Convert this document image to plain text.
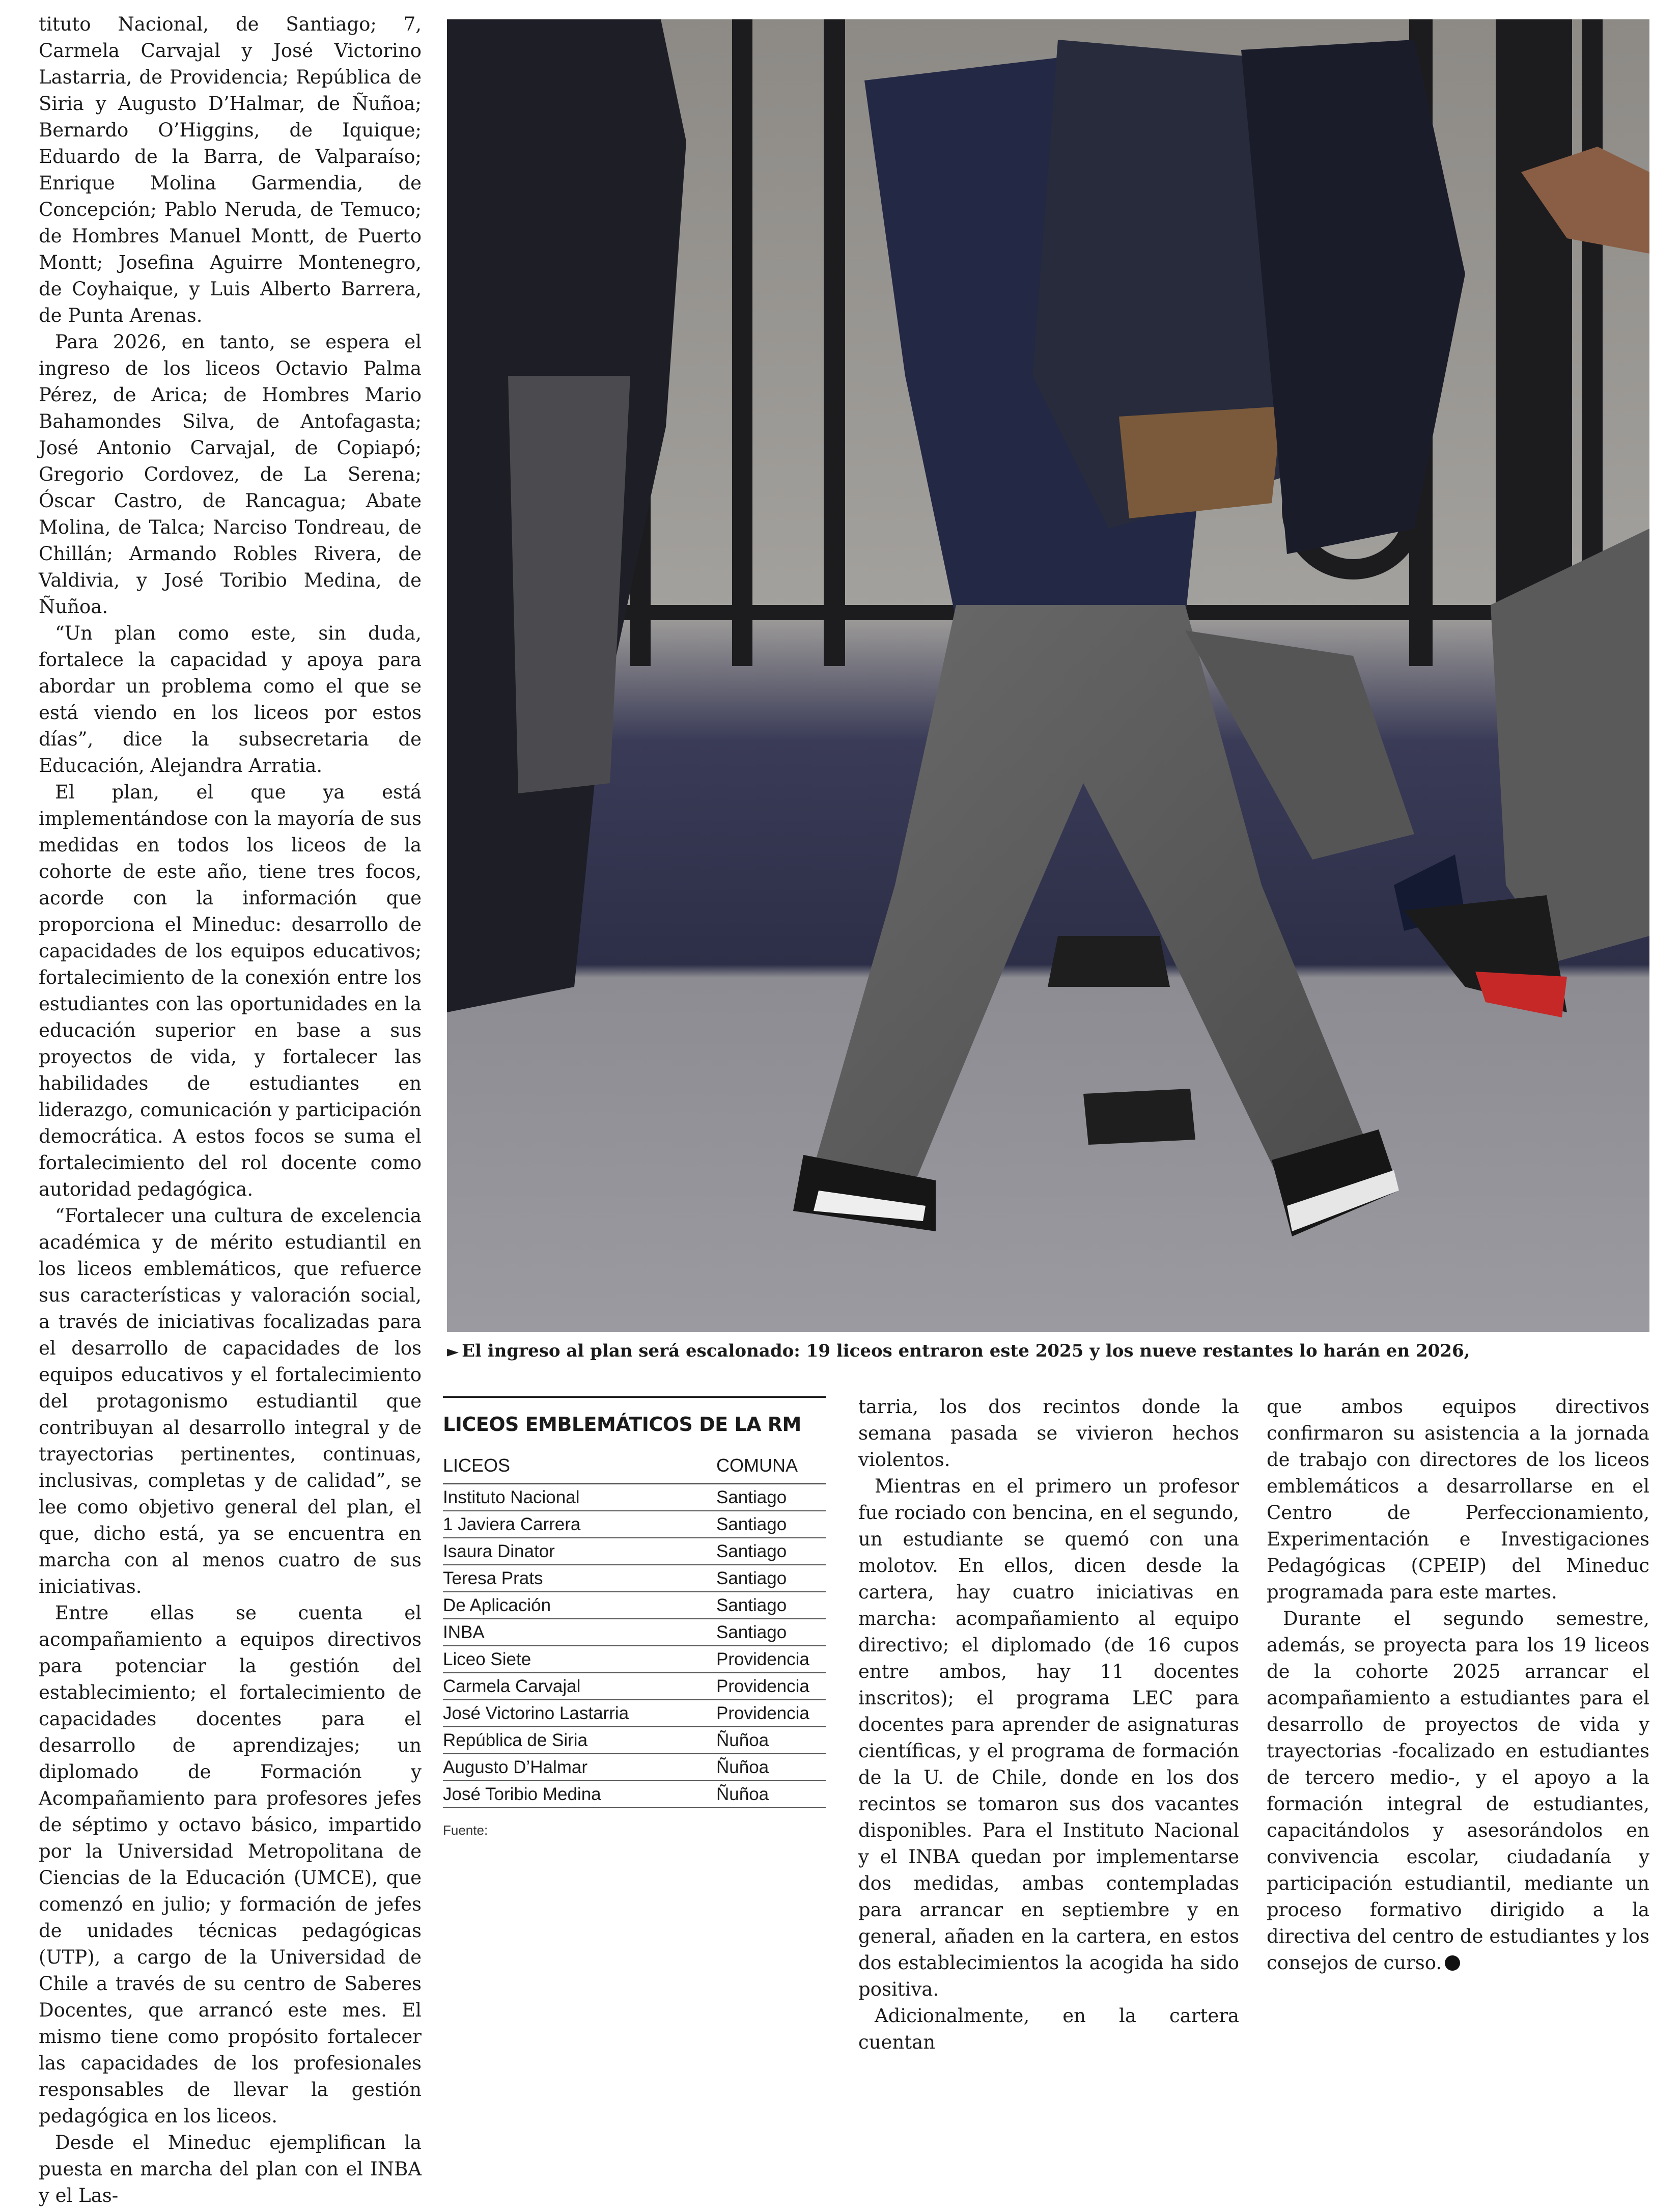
tituto Nacional, de Santiago; 7, Carmela Carvajal y José Victorino Lastarria, de Providencia; República de Siria y Augusto D’Halmar, de Ñuñoa; Bernardo O’Higgins, de Iquique; Eduardo de la Barra, de Valparaíso; Enrique Molina Garmendia, de Concepción; Pablo Neruda, de Temuco; de Hombres Manuel Montt, de Puerto Montt; Josefina Aguirre Montenegro, de Coyhaique, y Luis Alberto Barrera, de Punta Arenas.

Para 2026, en tanto, se espera el ingreso de los liceos Octavio Palma Pérez, de Arica; de Hombres Mario Bahamondes Silva, de Antofagasta; José Antonio Carvajal, de Copiapó; Gregorio Cordovez, de La Serena; Óscar Castro, de Rancagua; Abate Molina, de Talca; Narciso Tondreau, de Chillán; Armando Robles Rivera, de Valdivia, y José Toribio Medina, de Ñuñoa.

“Un plan como este, sin duda, fortalece la capacidad y apoya para abordar un problema como el que se está viendo en los liceos por estos días”, dice la subsecretaria de Educación, Alejandra Arratia.

El plan, el que ya está implementándose con la mayoría de sus medidas en todos los liceos de la cohorte de este año, tiene tres focos, acorde con la información que proporciona el Mineduc: desarrollo de capacidades de los equipos educativos; fortalecimiento de la conexión entre los estudiantes con las oportunidades en la educación superior en base a sus proyectos de vida, y fortalecer las habilidades de estudiantes en liderazgo, comunicación y participación democrática. A estos focos se suma el fortalecimiento del rol docente como autoridad pedagógica.

“Fortalecer una cultura de excelencia académica y de mérito estudiantil en los liceos emblemáticos, que refuerce sus características y valoración social, a través de iniciativas focalizadas para el desarrollo de capacidades de los equipos educativos y el fortalecimiento del protagonismo estudiantil que contribuyan al desarrollo integral y de trayectorias pertinentes, continuas, inclusivas, completas y de calidad”, se lee como objetivo general del plan, el que, dicho está, ya se encuentra en marcha con al menos cuatro de sus iniciativas.

Entre ellas se cuenta el acompañamiento a equipos directivos para potenciar la gestión del establecimiento; el fortalecimiento de capacidades docentes para el desarrollo de aprendizajes; un diplomado de Formación y Acompañamiento para profesores jefes de séptimo y octavo básico, impartido por la Universidad Metropolitana de Ciencias de la Educación (UMCE), que comenzó en julio; y formación de jefes de unidades técnicas pedagógicas (UTP), a cargo de la Universidad de Chile a través de su centro de Saberes Docentes, que arrancó este mes. El mismo tiene como propósito fortalecer las capacidades de los profesionales responsables de llevar la gestión pedagógica en los liceos.

Desde el Mineduc ejemplifican la puesta en marcha del plan con el INBA y el Las-

► El ingreso al plan será escalonado: 19 liceos entraron este 2025 y los nueve restantes lo harán en 2026,
LICEOS EMBLEMÁTICOS DE LA RM
LICEOS	COMUNA
Instituto Nacional	Santiago
1 Javiera Carrera	Santiago
Isaura Dinator	Santiago
Teresa Prats	Santiago
De Aplicación	Santiago
INBA	Santiago
Liceo Siete	Providencia
Carmela Carvajal	Providencia
José Victorino Lastarria	Providencia
República de Siria	Ñuñoa
Augusto D’Halmar	Ñuñoa
José Toribio Medina	Ñuñoa
Fuente:

tarria, los dos recintos donde la semana pasada se vivieron hechos violentos.

Mientras en el primero un profesor fue rociado con bencina, en el segundo, un estudiante se quemó con una molotov. En ellos, dicen desde la cartera, hay cuatro iniciativas en marcha: acompañamiento al equipo directivo; el diplomado (de 16 cupos entre ambos, hay 11 docentes inscritos); el programa LEC para docentes para aprender de asignaturas científicas, y el programa de formación de la U. de Chile, donde en los dos recintos se tomaron sus dos vacantes disponibles. Para el Instituto Nacional y el INBA quedan por implementarse dos medidas, ambas contempladas para arrancar en septiembre y en general, añaden en la cartera, en estos dos establecimientos la acogida ha sido positiva.

Adicionalmente, en la cartera cuentan

que ambos equipos directivos confirmaron su asistencia a la jornada de trabajo con directores de los liceos emblemáticos a desarrollarse en el Centro de Perfeccionamiento, Experimentación e Investigaciones Pedagógicas (CPEIP) del Mineduc programada para este martes.

Durante el segundo semestre, además, se proyecta para los 19 liceos de la cohorte 2025 arrancar el acompañamiento a estudiantes para el desarrollo de proyectos de vida y trayectorias -focalizado en estudiantes de tercero medio-, y el apoyo a la formación integral de estudiantes, capacitándolos y asesorándolos en convivencia escolar, ciudadanía y participación estudiantil, mediante un proceso formativo dirigido a la directiva del centro de estudiantes y los consejos de curso.
